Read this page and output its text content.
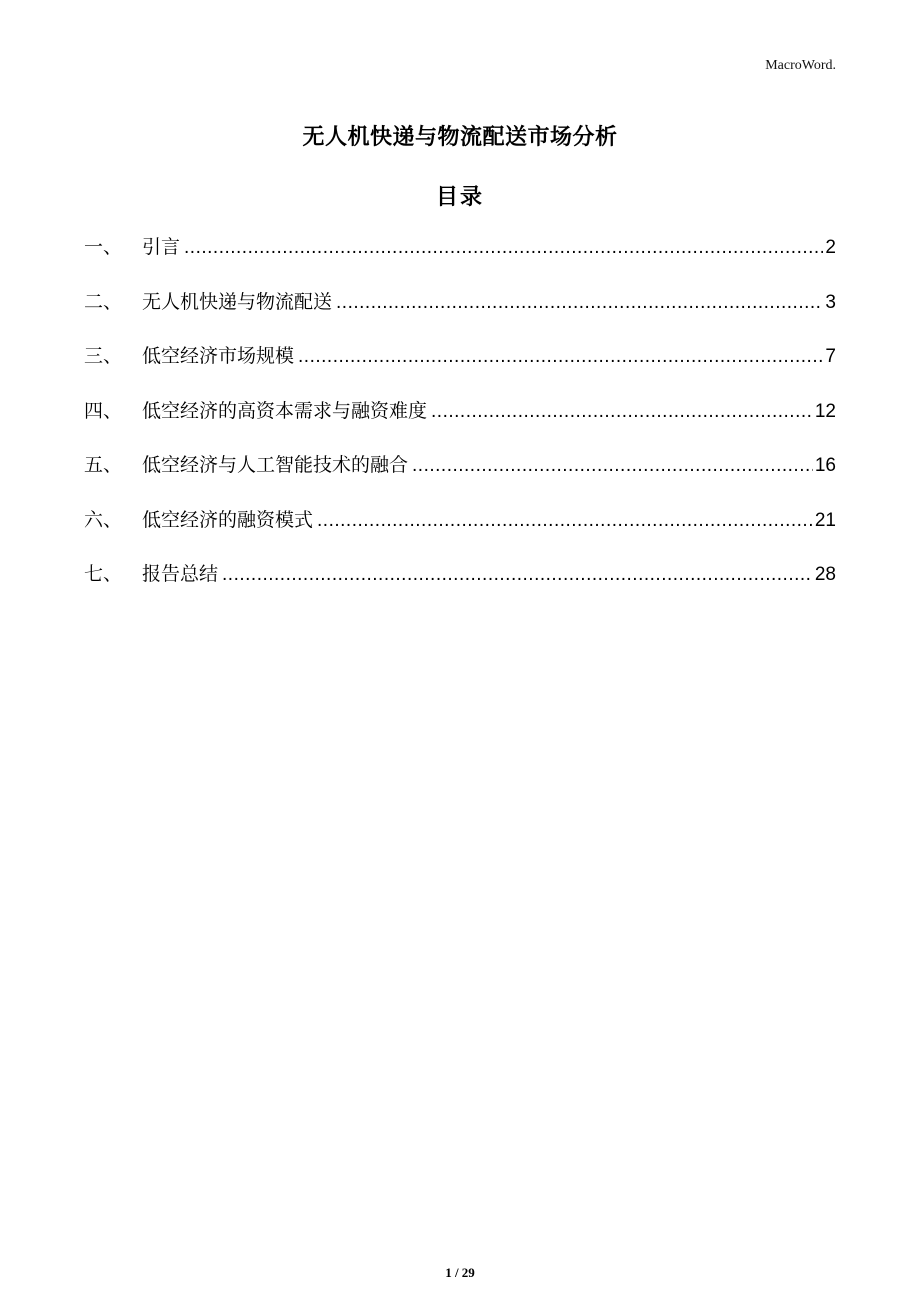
MacroWord.
无人机快递与物流配送市场分析
目录
一、	引言 .....	2
二、	无人机快递与物流配送 .....	3
三、	低空经济市场规模 .....	7
四、	低空经济的高资本需求与融资难度 .....	12
五、	低空经济与人工智能技术的融合 .....	16
六、	低空经济的融资模式 .....	21
七、	报告总结 .....	28
1 / 29
